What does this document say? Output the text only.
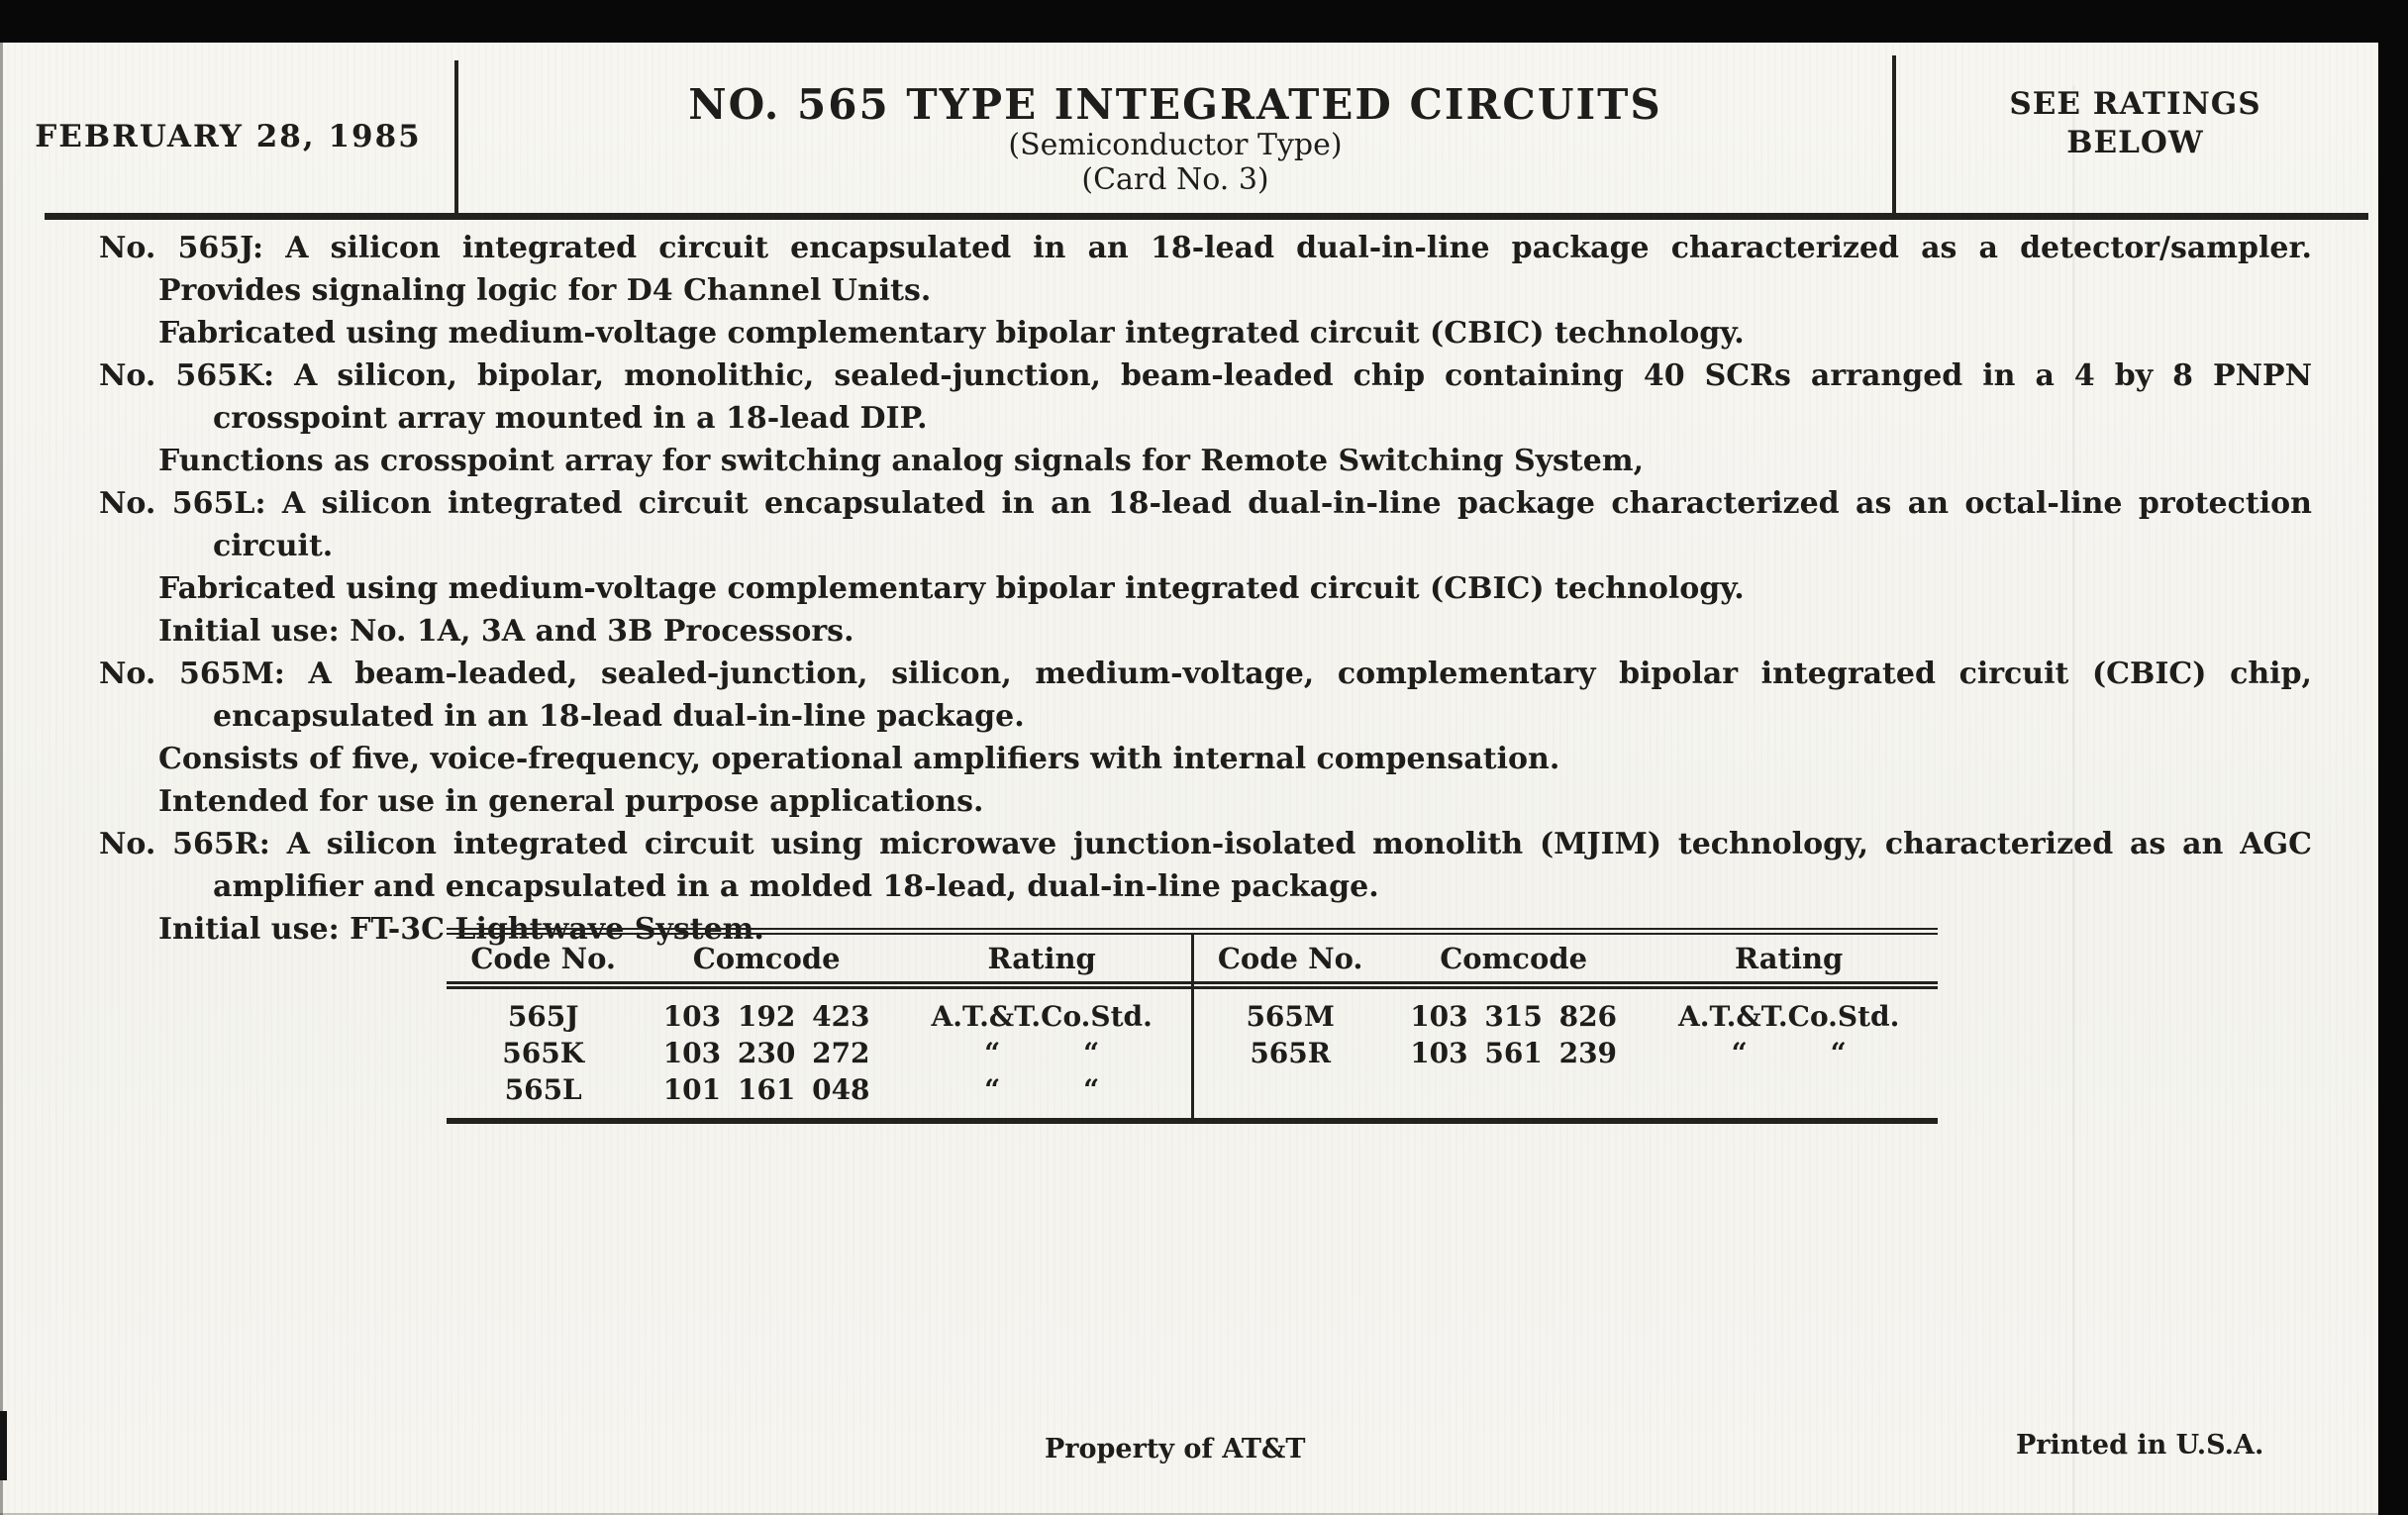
FEBRUARY 28, 1985
NO. 565 TYPE INTEGRATED CIRCUITS
(Semiconductor Type)
(Card No. 3)
SEE RATINGS
BELOW

No. 565J: A silicon integrated circuit encapsulated in an 18-lead dual-in-line package characterized as a detector/sampler.

Provides signaling logic for D4 Channel Units.

Fabricated using medium-voltage complementary bipolar integrated circuit (CBIC) technology.

No. 565K: A silicon, bipolar, monolithic, sealed-junction, beam-leaded chip containing 40 SCRs arranged in a 4 by 8 PNPN crosspoint array mounted in a 18-lead DIP.

Functions as crosspoint array for switching analog signals for Remote Switching System,

No. 565L: A silicon integrated circuit encapsulated in an 18-lead dual-in-line package characterized as an octal-line protection circuit.

Fabricated using medium-voltage complementary bipolar integrated circuit (CBIC) technology.

Initial use: No. 1A, 3A and 3B Processors.

No. 565M: A beam-leaded, sealed-junction, silicon, medium-voltage, complementary bipolar integrated circuit (CBIC) chip, encapsulated in an 18-lead dual-in-line package.

Consists of five, voice-frequency, operational amplifiers with internal compensation.

Intended for use in general purpose applications.

No. 565R: A silicon integrated circuit using microwave junction-isolated monolith (MJIM) technology, characterized as an AGC amplifier and encapsulated in a molded 18-lead, dual-in-line package.

Initial use: FT-3C Lightwave System.

Code No.	Comcode	Rating
565J	103 192 423	A.T.&T.Co.Std.
565K	103 230 272	“	“
565L	101 161 048	“	“
Code No.	Comcode	Rating
565M	103 315 826	A.T.&T.Co.Std.
565R	103 561 239	“	“
Property of AT&T	Printed in U.S.A.
